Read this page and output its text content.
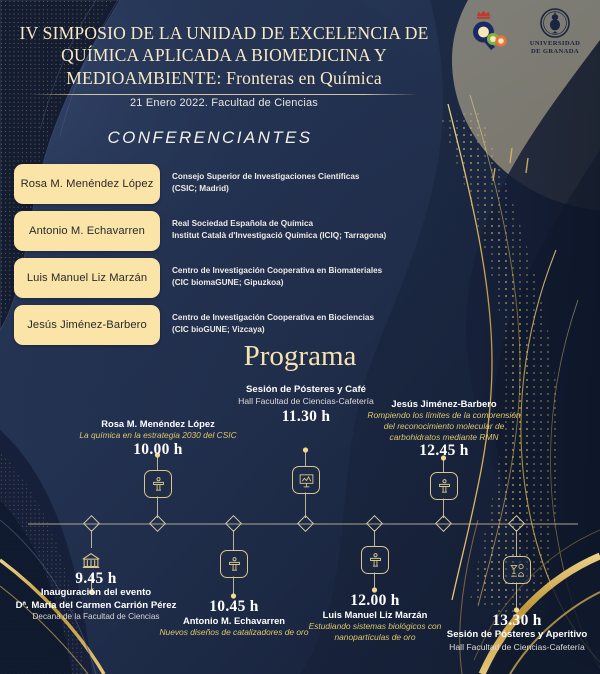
IV SIMPOSIO DE LA UNIDAD DE EXCELENCIA DE
QUÍMICA APLICADA A BIOMEDICINA Y
MEDIOAMBIENTE: Fronteras en Química
21 Enero 2022. Facultad de Ciencias
· · ·
UNIVERSIDAD
DE GRANADA
CONFERENCIANTES
Rosa M. Menéndez López
Consejo Superior de Investigaciones Científicas
(CSIC; Madrid)
Antonio M. Echavarren
Real Sociedad Española de Química
Institut Català d'Investigació Química (ICIQ; Tarragona)
Luis Manuel Liz Marzán
Centro de Investigación Cooperativa en Biomateriales
(CIC biomaGUNE; Gipuzkoa)
Jesús Jiménez-Barbero
Centro de Investigación Cooperativa en Biociencias
(CIC bioGUNE; Vizcaya)
Programa
9.45 h
Inauguración del evento
Dª. María del Carmen Carrión Pérez
Decana de la Facultad de Ciencias
Rosa M. Menéndez López
La química en la estrategia 2030 del CSIC
10.00 h
10.45 h
Antonio M. Echavarren
Nuevos diseños de catalizadores de oro
Sesión de Pósteres y Café
Hall Facultad de Ciencias-Cafetería
11.30 h
12.00 h
Luis Manuel Liz Marzán
Estudiando sistemas biológicos con
nanopartículas de oro
Jesús Jiménez-Barbero
Rompiendo los límites de la comprensión
del reconocimiento molecular de
carbohidratos mediante RMN
12.45 h
13.30 h
Sesión de Pósteres y Aperitivo
Hall Facultad de Ciencias-Cafetería
